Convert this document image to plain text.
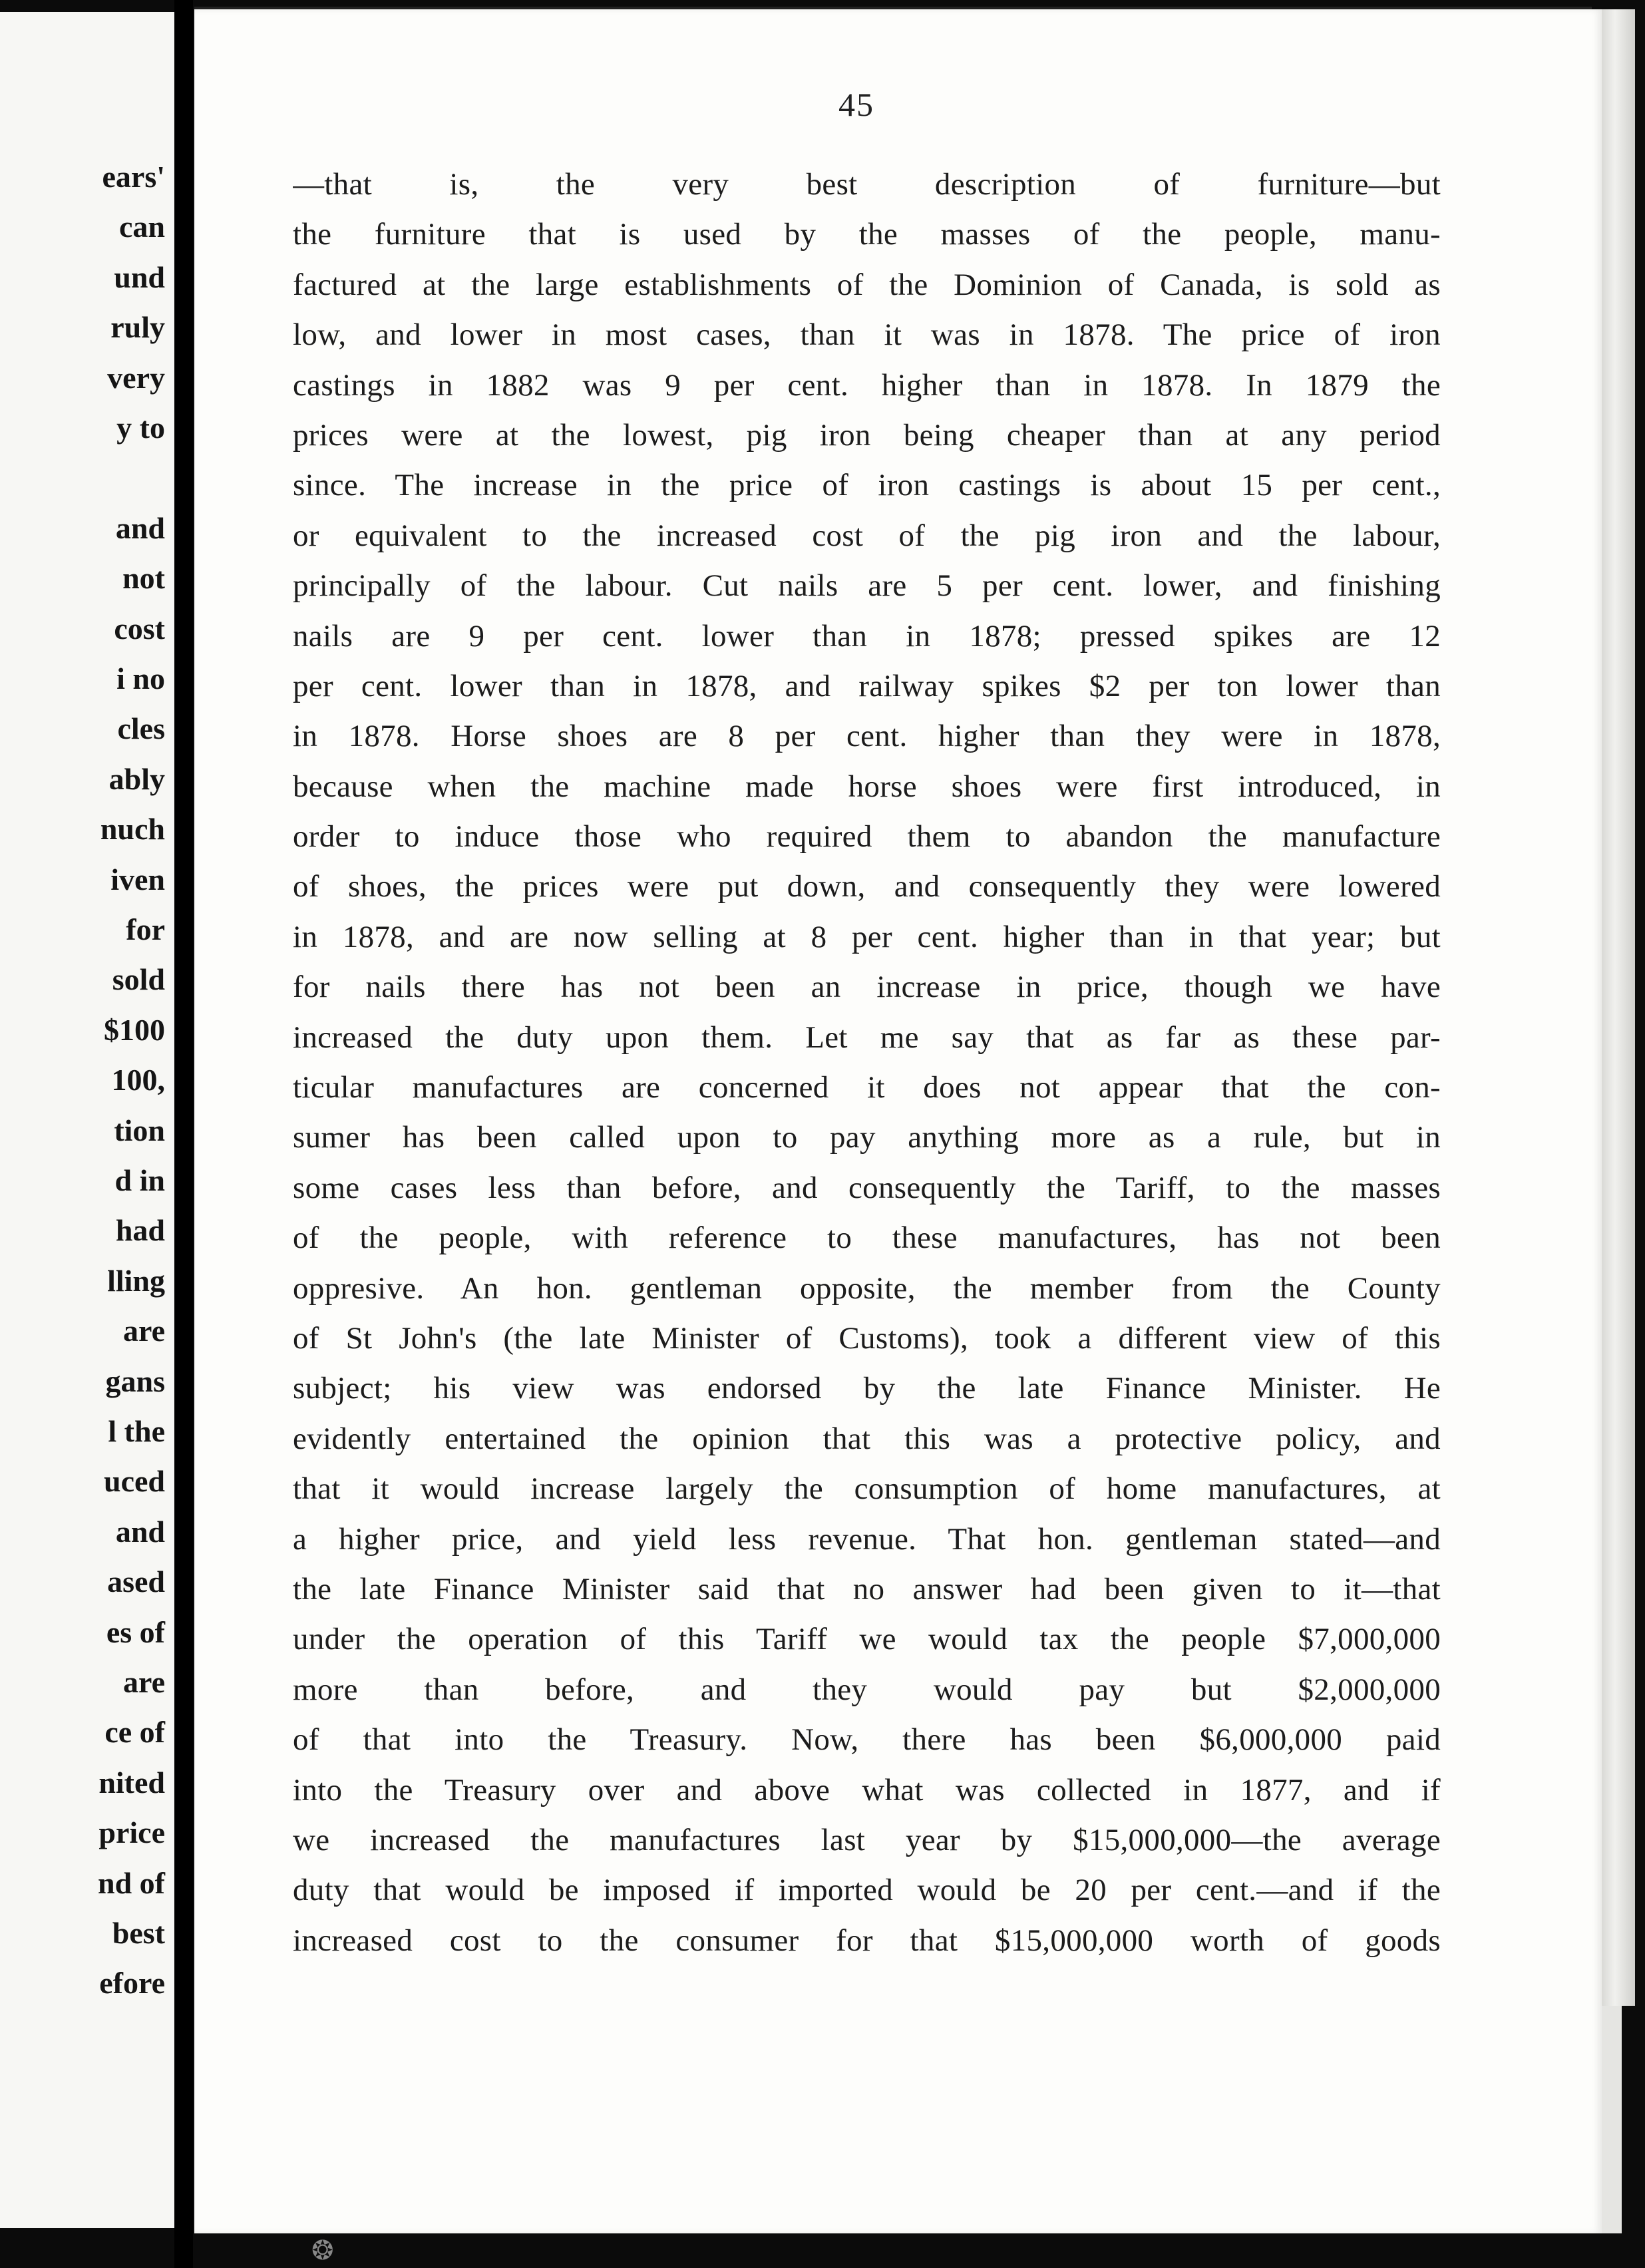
ears'
can
und
ruly
very
y to
and
not
cost
i no
cles
ably
nuch
iven
for
sold
$100
100,
tion
d in
had
lling
are
gans
l the
uced
and
ased
es of
are
ce of
nited
price
nd of
best
efore
45
—that is, the very best description of furniture—but
the furniture that is used by the masses of the people, manu-
factured at the large establishments of the Dominion of Canada, is sold as
low, and lower in most cases, than it was in 1878. The price of iron
castings in 1882 was 9 per cent. higher than in 1878. In 1879 the
prices were at the lowest, pig iron being cheaper than at any period
since. The increase in the price of iron castings is about 15 per cent.,
or equivalent to the increased cost of the pig iron and the labour,
principally of the labour. Cut nails are 5 per cent. lower, and finishing
nails are 9 per cent. lower than in 1878; pressed spikes are 12
per cent. lower than in 1878, and railway spikes $2 per ton lower than
in 1878. Horse shoes are 8 per cent. higher than they were in 1878,
because when the machine made horse shoes were first introduced, in
order to induce those who required them to abandon the manufacture
of shoes, the prices were put down, and consequently they were lowered
in 1878, and are now selling at 8 per cent. higher than in that year; but
for nails there has not been an increase in price, though we have
increased the duty upon them. Let me say that as far as these par-
ticular manufactures are concerned it does not appear that the con-
sumer has been called upon to pay anything more as a rule, but in
some cases less than before, and consequently the Tariff, to the masses
of the people, with reference to these manufactures, has not been
oppresive. An hon. gentleman opposite, the member from the County
of St John's (the late Minister of Customs), took a different view of this
subject; his view was endorsed by the late Finance Minister. He
evidently entertained the opinion that this was a protective policy, and
that it would increase largely the consumption of home manufactures, at
a higher price, and yield less revenue. That hon. gentleman stated—and
the late Finance Minister said that no answer had been given to it—that
under the operation of this Tariff we would tax the people $7,000,000
more than before, and they would pay but $2,000,000
of that into the Treasury. Now, there has been $6,000,000 paid
into the Treasury over and above what was collected in 1877, and if
we increased the manufactures last year by $15,000,000—the average
duty that would be imposed if imported would be 20 per cent.—and if the
increased cost to the consumer for that $15,000,000 worth of goods
❂
